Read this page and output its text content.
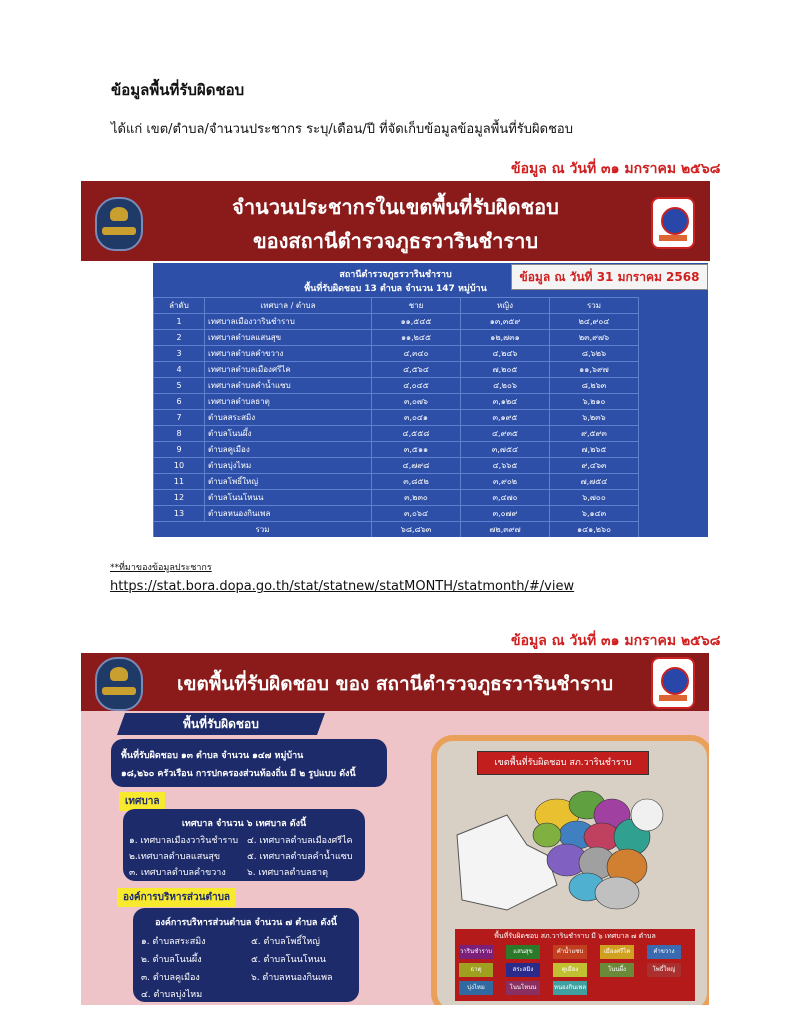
ข้อมูลพื้นที่รับผิดชอบ
ได้แก่ เขต/ตำบล/จำนวนประชากร ระบุ/เดือน/ปี ที่จัดเก็บข้อมูลข้อมูลพื้นที่รับผิดชอบ
ข้อมูล ณ วันที่ ๓๑ มกราคม ๒๕๖๘
จำนวนประชากรในเขตพื้นที่รับผิดชอบ
ของสถานีตำรวจภูธรวารินชำราบ
สถานีตำรวจภูธรวารินชำราบ
พื้นที่รับผิดชอบ 13 ตำบล จำนวน 147 หมู่บ้าน
ข้อมูล ณ วันที่ 31 มกราคม 2568
ลำดับ	เทศบาล / ตำบล	ชาย	หญิง	รวม	
1	เทศบาลเมืองวารินชำราบ	๑๑,๕๔๕	๑๓,๓๕๙	๒๔,๙๐๔	
2	เทศบาลตำบลแสนสุข	๑๑,๒๔๕	๑๒,๗๓๑	๒๓,๙๗๖	
3	เทศบาลตำบลคำขวาง	๔,๓๔๐	๔,๒๔๖	๘,๖๒๖	
4	เทศบาลตำบลเมืองศรีไค	๔,๕๖๔	๗,๒๐๕	๑๑,๖๙๗	
5	เทศบาลตำบลคำน้ำแซบ	๔,๐๔๕	๔,๒๐๖	๘,๒๖๓	
6	เทศบาลตำบลธาตุ	๓,๐๗๖	๓,๑๒๔	๖,๒๑๐	
7	ตำบลสระสมิง	๓,๐๔๑	๓,๑๙๕	๖,๒๓๖	
8	ตำบลโนนผึ้ง	๔,๕๕๘	๔,๙๓๕	๙,๕๙๓	
9	ตำบลคูเมือง	๓,๕๑๑	๓,๗๕๔	๗,๒๖๕	
10	ตำบลบุ่งไหม	๔,๗๙๘	๔,๖๖๕	๙,๔๖๓	
11	ตำบลโพธิ์ใหญ่	๓,๘๕๒	๓,๙๐๒	๗,๗๕๔	
12	ตำบลโนนโหนน	๓,๒๓๐	๓,๔๗๐	๖,๗๐๐	
13	ตำบลหนองกินเพล	๓,๐๖๔	๓,๐๗๙	๖,๑๔๓	
รวม		๖๘,๘๖๓	๗๒,๓๙๗	๑๔๑,๒๖๐	
**ที่มาของข้อมูลประชากร
https://stat.bora.dopa.go.th/stat/statnew/statMONTH/statmonth/#/view
ข้อมูล ณ วันที่ ๓๑ มกราคม ๒๕๖๘
เขตพื้นที่รับผิดชอบ ของ สถานีตำรวจภูธรวารินชำราบ
พื้นที่รับผิดชอบ
พื้นที่รับผิดชอบ ๑๓ ตำบล จำนวน ๑๔๗ หมู่บ้าน
๑๘,๒๖๐ ครัวเรือน การปกครองส่วนท้องถิ่น มี ๒ รูปแบบ ดังนี้
เทศบาล
เทศบาล จำนวน ๖ เทศบาล ดังนี้
๑. เทศบาลเมืองวารินชำราบ ๔. เทศบาลตำบลเมืองศรีไค
๒.เทศบาลตำบลแสนสุข	๕. เทศบาลตำบลคำน้ำแซบ
๓. เทศบาลตำบลคำขวาง ๖. เทศบาลตำบลธาตุ
องค์การบริหารส่วนตำบล
องค์การบริหารส่วนตำบล จำนวน ๗ ตำบล ดังนี้
๑. ตำบลสระสมิง	๕. ตำบลโพธิ์ใหญ่
๒. ตำบลโนนผึ้ง	๕. ตำบลโนนโหนน
๓. ตำบลคูเมือง	๖. ตำบลหนองกินเพล
๔. ตำบลบุ่งไหม
เขตพื้นที่รับผิดชอบ สภ.วารินชำราบ
พื้นที่รับผิดชอบ สภ.วารินชำราบ มี ๖ เทศบาล ๗ ตำบล
วารินชำราบ	แสนสุข	คำน้ำแซบ	เมืองศรีไค	คำขวาง
ธาตุ	สระสมิง	คูเมือง	โนนผึ้ง	โพธิ์ใหญ่
บุ่งไหม	โนนโหนน	หนองกินเพล
